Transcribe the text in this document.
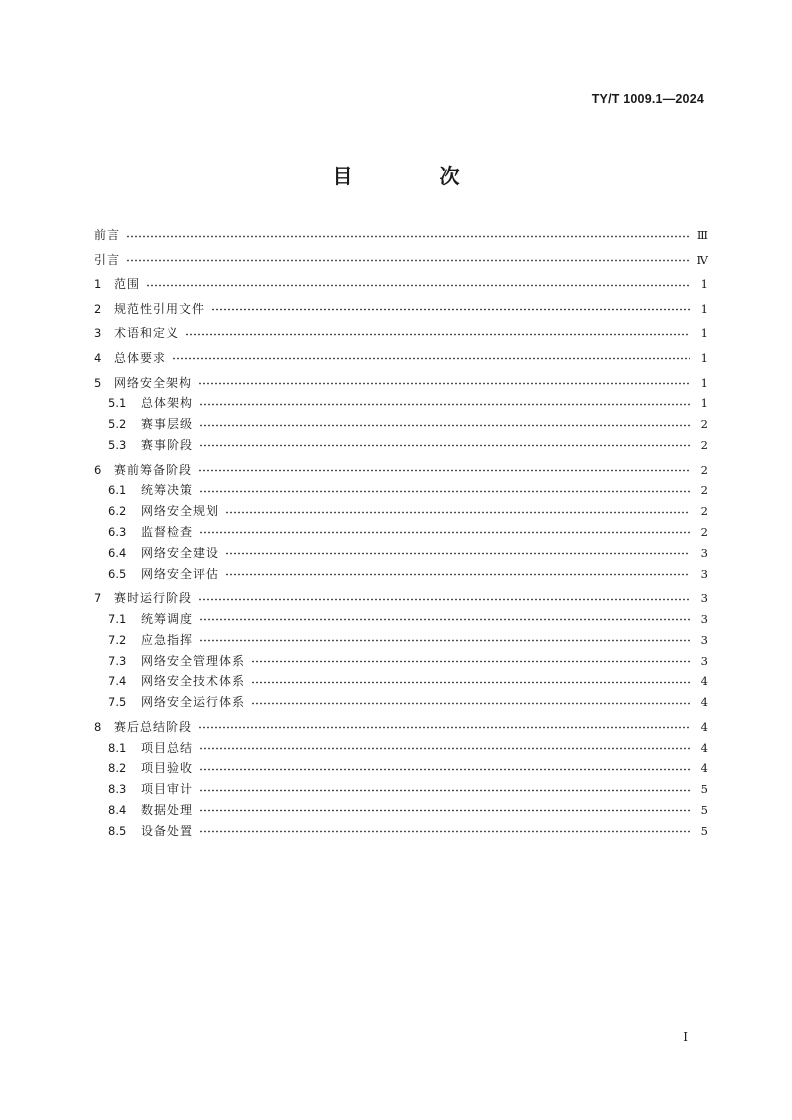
TY/T 1009.1—2024
目 次
前言	Ⅲ
引言	Ⅳ
1	范围	1
2	规范性引用文件	1
3	术语和定义	1
4	总体要求	1
5	网络安全架构	1
5.1	总体架构	1
5.2	赛事层级	2
5.3	赛事阶段	2
6	赛前筹备阶段	2
6.1	统筹决策	2
6.2	网络安全规划	2
6.3	监督检查	2
6.4	网络安全建设	3
6.5	网络安全评估	3
7	赛时运行阶段	3
7.1	统筹调度	3
7.2	应急指挥	3
7.3	网络安全管理体系	3
7.4	网络安全技术体系	4
7.5	网络安全运行体系	4
8	赛后总结阶段	4
8.1	项目总结	4
8.2	项目验收	4
8.3	项目审计	5
8.4	数据处理	5
8.5	设备处置	5
I
